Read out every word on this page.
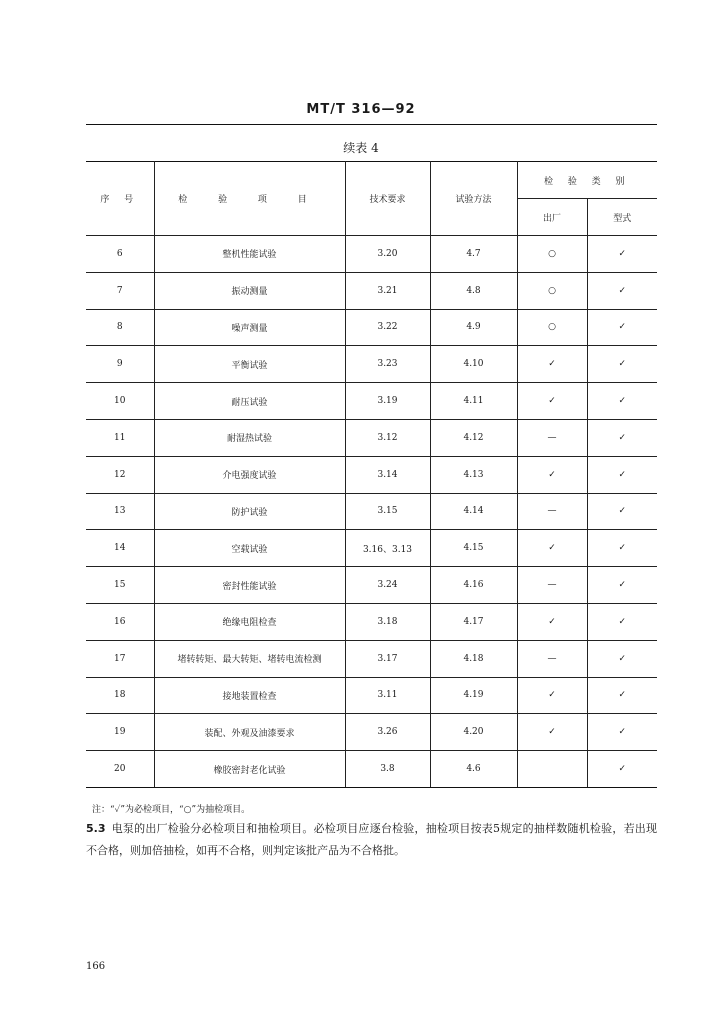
MT/T 316—92
续表 4
序 号	检 验 项 目	技术要求	试验方法	检 验 类 别	
				出厂	型式
6	整机性能试验	3.20	4.7	○	✓
7	振动测量	3.21	4.8	○	✓
8	噪声测量	3.22	4.9	○	✓
9	平衡试验	3.23	4.10	✓	✓
10	耐压试验	3.19	4.11	✓	✓
11	耐湿热试验	3.12	4.12	—	✓
12	介电强度试验	3.14	4.13	✓	✓
13	防护试验	3.15	4.14	—	✓
14	空载试验	3.16、3.13	4.15	✓	✓
15	密封性能试验	3.24	4.16	—	✓
16	绝缘电阻检查	3.18	4.17	✓	✓
17	堵转转矩、最大转矩、堵转电流检测	3.17	4.18	—	✓
18	接地装置检查	3.11	4.19	✓	✓
19	装配、外观及油漆要求	3.26	4.20	✓	✓
20	橡胶密封老化试验	3.8	4.6		✓
注：“✓”为必检项目，“○”为抽检项目。
5.3 电泵的出厂检验分必检项目和抽检项目。必检项目应逐台检验，抽检项目按表5规定的抽样数随机检验，若出现不合格，则加倍抽检，如再不合格，则判定该批产品为不合格批。
166
